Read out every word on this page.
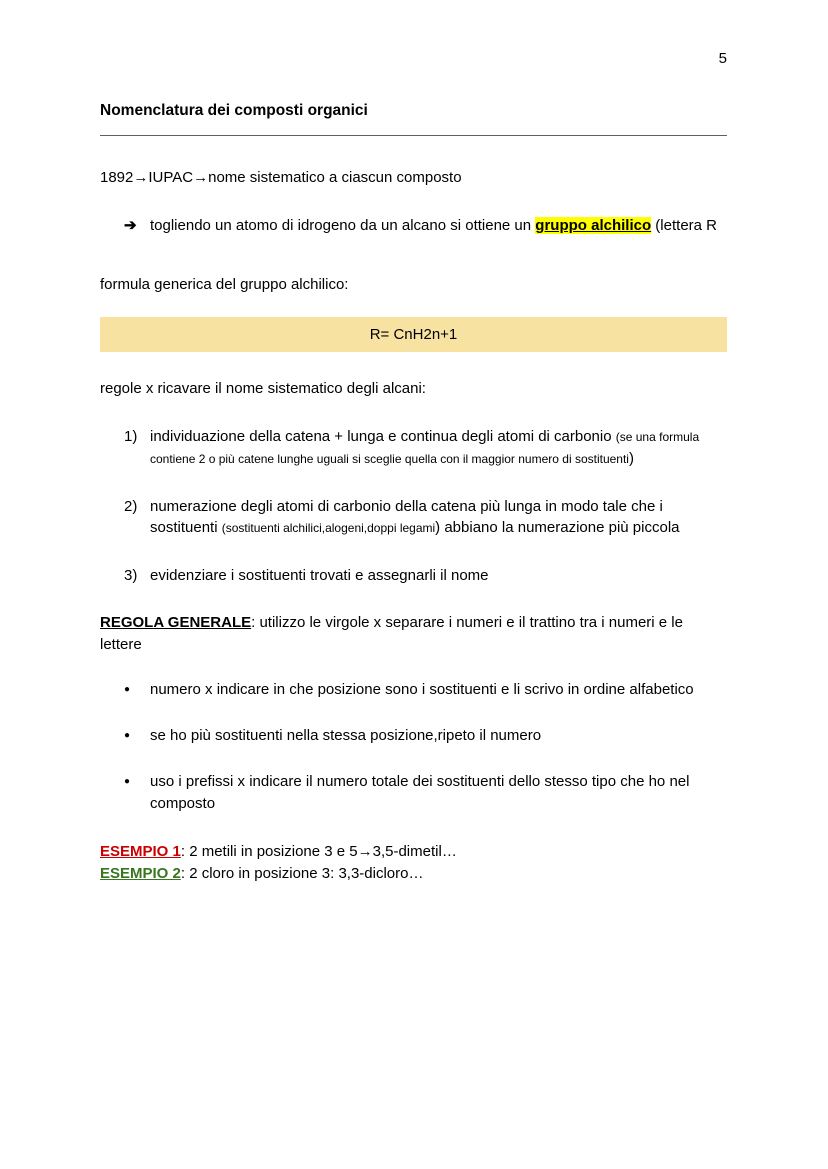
5
Nomenclatura dei composti organici
1892→IUPAC→nome sistematico a ciascun composto
➔ togliendo un atomo di idrogeno da un alcano si ottiene un gruppo alchilico (lettera R
formula generica del gruppo alchilico:
R= CnH2n+1
regole x ricavare il nome sistematico degli alcani:
1) individuazione della catena + lunga e continua degli atomi di carbonio (se una formula contiene 2 o più catene lunghe uguali si sceglie quella con il maggior numero di sostituenti)
2) numerazione degli atomi di carbonio della catena più lunga in modo tale che i sostituenti (sostituenti alchilici,alogeni,doppi legami) abbiano la numerazione più piccola
3) evidenziare i sostituenti trovati e assegnarli il nome
REGOLA GENERALE: utilizzo le virgole x separare i numeri e il trattino tra i numeri e le lettere
●	numero x indicare in che posizione sono i sostituenti e li scrivo in ordine alfabetico
●	se ho più sostituenti nella stessa posizione,ripeto il numero
●	uso i prefissi x indicare il numero totale dei sostituenti dello stesso tipo che ho nel composto

ESEMPIO 1: 2 metili in posizione 3 e 5→3,5-dimetil…

ESEMPIO 2: 2 cloro in posizione 3: 3,3-dicloro…
